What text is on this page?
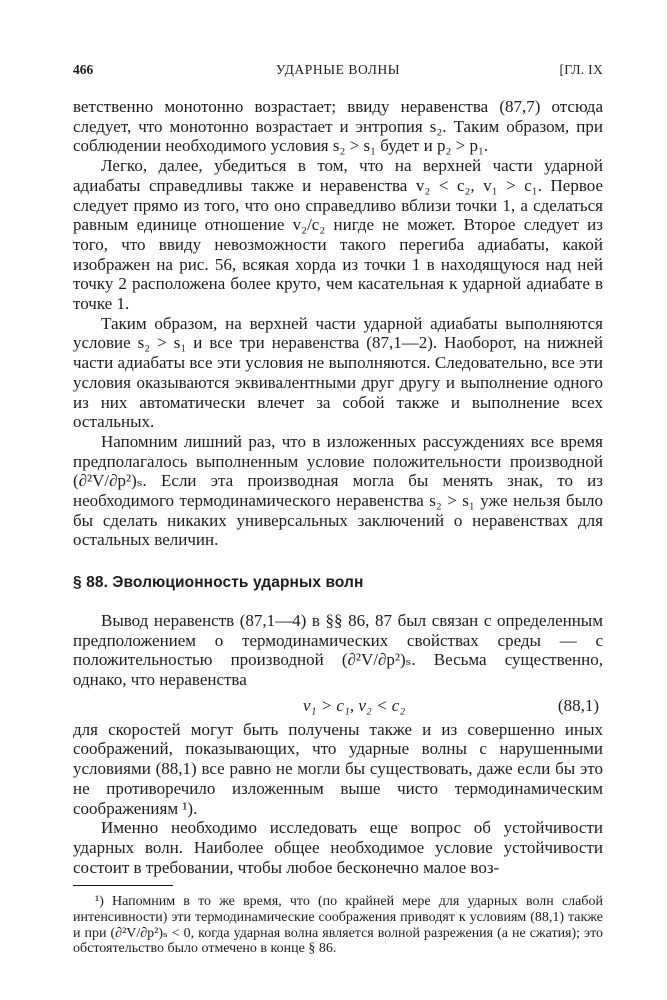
466	УДАРНЫЕ ВОЛНЫ	[ГЛ. IX

ветственно монотонно возрастает; ввиду неравенства (87,7) отсюда следует, что монотонно возрастает и энтропия s₂. Таким образом, при соблюдении необходимого условия s₂ > s₁ будет и p₂ > p₁.

Легко, далее, убедиться в том, что на верхней части ударной адиабаты справедливы также и неравенства v₂ < c₂, v₁ > c₁. Первое следует прямо из того, что оно справедливо вблизи точки 1, а сделаться равным единице отношение v₂/c₂ нигде не может. Второе следует из того, что ввиду невозможности такого перегиба адиабаты, какой изображен на рис. 56, всякая хорда из точки 1 в находящуюся над ней точку 2 расположена более круто, чем касательная к ударной адиабате в точке 1.

Таким образом, на верхней части ударной адиабаты выполняются условие s₂ > s₁ и все три неравенства (87,1—2). Наоборот, на нижней части адиабаты все эти условия не выполняются. Следовательно, все эти условия оказываются эквивалентными друг другу и выполнение одного из них автоматически влечет за собой также и выполнение всех остальных.

Напомним лишний раз, что в изложенных рассуждениях все время предполагалось выполненным условие положительности производной (∂²V/∂p²)ₛ. Если эта производная могла бы менять знак, то из необходимого термодинамического неравенства s₂ > s₁ уже нельзя было бы сделать никаких универсальных заключений о неравенствах для остальных величин.

§ 88. Эволюционность ударных волн

Вывод неравенств (87,1—4) в §§ 86, 87 был связан с определенным предположением о термодинамических свойствах среды — с положительностью производной (∂²V/∂p²)ₛ. Весьма существенно, однако, что неравенства

v₁ > c₁, v₂ < c₂	(88,1)

для скоростей могут быть получены также и из совершенно иных соображений, показывающих, что ударные волны с нарушенными условиями (88,1) все равно не могли бы существовать, даже если бы это не противоречило изложенным выше чисто термодинамическим соображениям ¹).

Именно необходимо исследовать еще вопрос об устойчивости ударных волн. Наиболее общее необходимое условие устойчивости состоит в требовании, чтобы любое бесконечно малое воз-

¹) Напомним в то же время, что (по крайней мере для ударных волн слабой интенсивности) эти термодинамические соображения приводят к условиям (88,1) также и при (∂²V/∂p²)ₛ < 0, когда ударная волна является волной разрежения (а не сжатия); это обстоятельство было отмечено в конце § 86.
